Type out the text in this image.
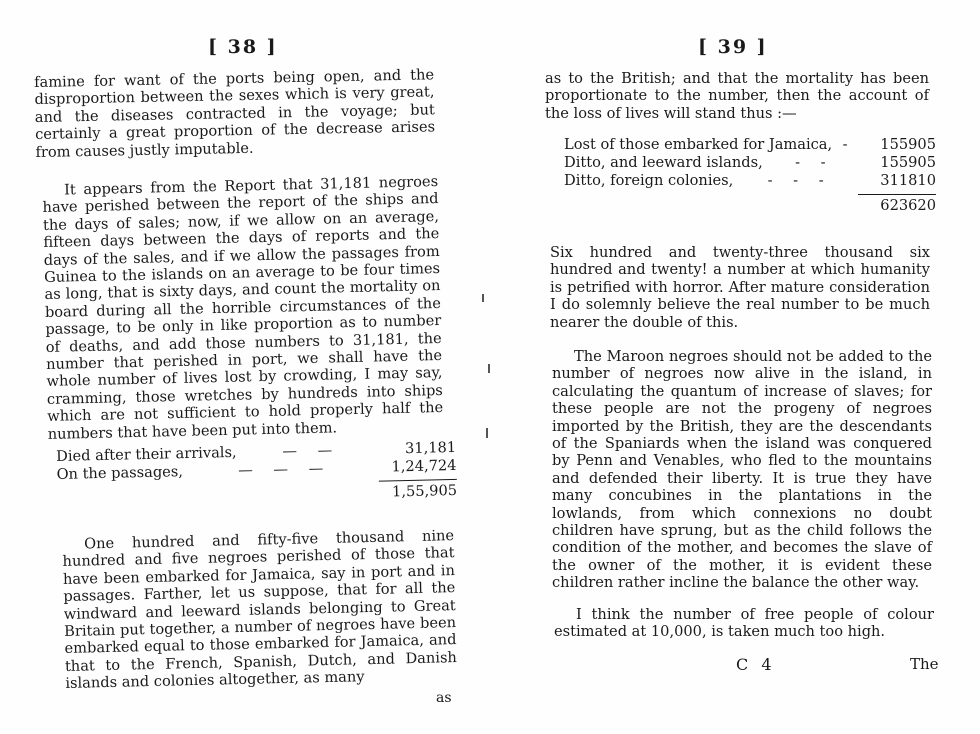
[ 38 ]

famine for want of the ports being open, and the disproportion between the sexes which is very great, and the diseases contracted in the voyage; but certainly a great proportion of the decrease arises from causes justly imputable.

It appears from the Report that 31,181 negroes have perished between the report of the ships and the days of sales; now, if we allow on an average, fifteen days between the days of reports and the days of the sales, and if we allow the passages from Guinea to the islands on an average to be four times as long, that is sixty days, and count the mortality on board during all the horrible circumstances of the passage, to be only in like proportion as to number of deaths, and add those numbers to 31,181, the number that perished in port, we shall have the whole number of lives lost by crowding, I may say, cramming, those wretches by hundreds into ships which are not sufficient to hold properly half the numbers that have been put into them.

Died after their arrivals,	— —	31,181
On the passages,	— — —	1,24,724
1,55,905

One hundred and fifty-five thousand nine hundred and five negroes perished of those that have been embarked for Jamaica, say in port and in passages. Farther, let us suppose, that for all the windward and leeward islands belonging to Great Britain put together, a number of negroes have been embarked equal to those embarked for Jamaica, and that to the French, Spanish, Dutch, and Danish islands and colonies altogether, as many

as
[ 39 ]

as to the British; and that the mortality has been proportionate to the number, then the account of the loss of lives will stand thus :—

Lost of those embarked for Jamaica, -	155905
Ditto, and leeward islands,	- -	155905
Ditto, foreign colonies,	- - -	311810
623620

Six hundred and twenty-three thousand six hundred and twenty! a number at which humanity is petrified with horror. After mature consideration I do solemnly believe the real number to be much nearer the double of this.

The Maroon negroes should not be added to the number of negroes now alive in the island, in calculating the quantum of increase of slaves; for these people are not the progeny of negroes imported by the British, they are the descendants of the Spaniards when the island was conquered by Penn and Venables, who fled to the mountains and defended their liberty. It is true they have many concubines in the plantations in the lowlands, from which connexions no doubt children have sprung, but as the child follows the condition of the mother, and becomes the slave of the owner of the mother, it is evident these children rather incline the balance the other way.

I think the number of free people of colour estimated at 10,000, is taken much too high.

C 4	The
